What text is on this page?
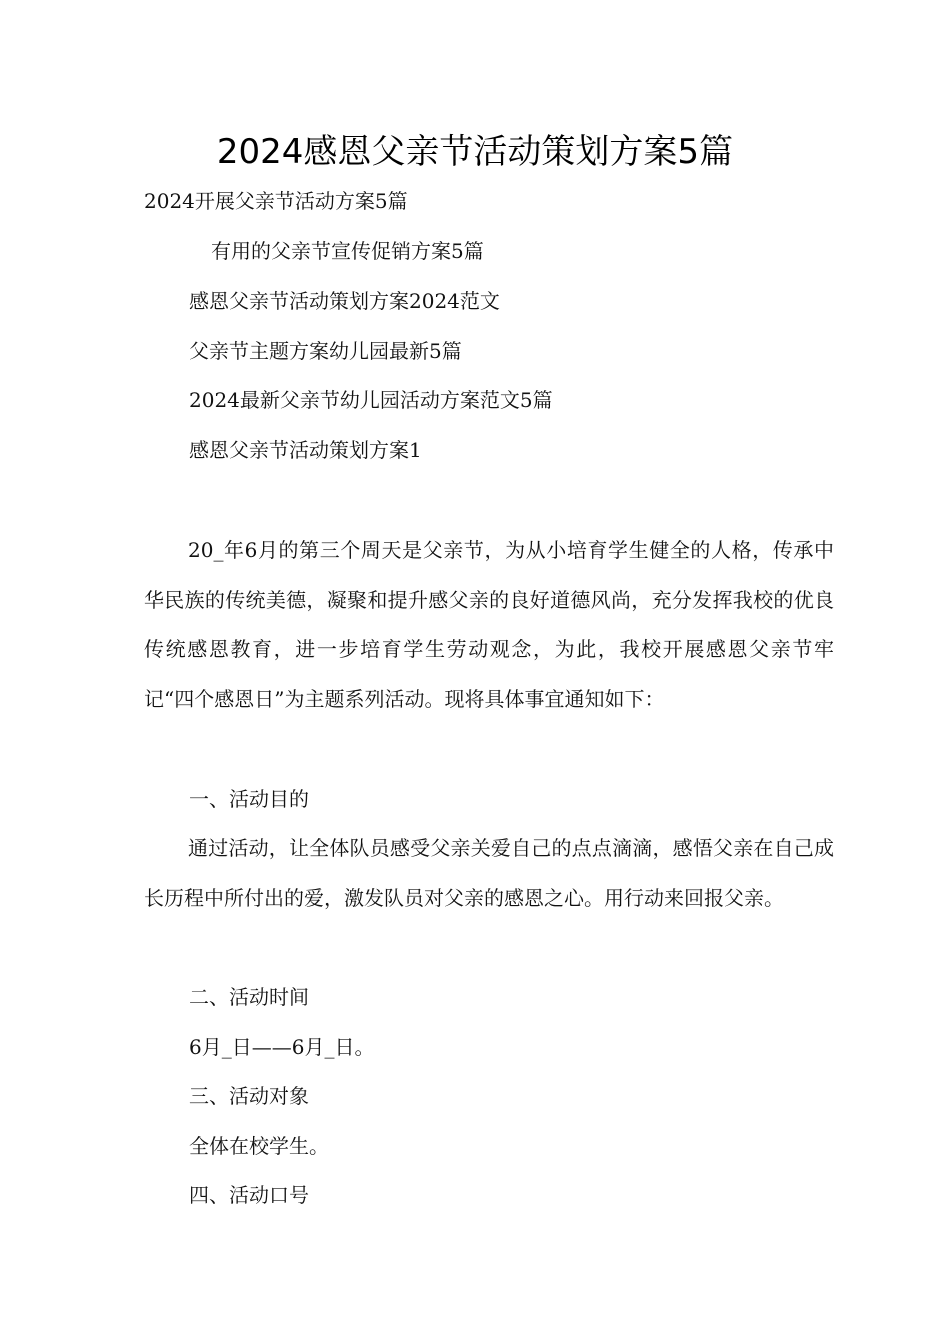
2024感恩父亲节活动策划方案5篇
2024开展父亲节活动方案5篇
有用的父亲节宣传促销方案5篇
感恩父亲节活动策划方案2024范文
父亲节主题方案幼儿园最新5篇
2024最新父亲节幼儿园活动方案范文5篇

感恩父亲节活动策划方案1

20_年6月的第三个周天是父亲节，为从小培育学生健全的人格，传承中华民族的传统美德，凝聚和提升感父亲的良好道德风尚，充分发挥我校的优良传统感恩教育，进一步培育学生劳动观念，为此，我校开展感恩父亲节牢记“四个感恩日”为主题系列活动。现将具体事宜通知如下：

一、活动目的

通过活动，让全体队员感受父亲关爱自己的点点滴滴，感悟父亲在自己成长历程中所付出的爱，激发队员对父亲的感恩之心。用行动来回报父亲。

二、活动时间

6月_日——6月_日。

三、活动对象

全体在校学生。

四、活动口号
